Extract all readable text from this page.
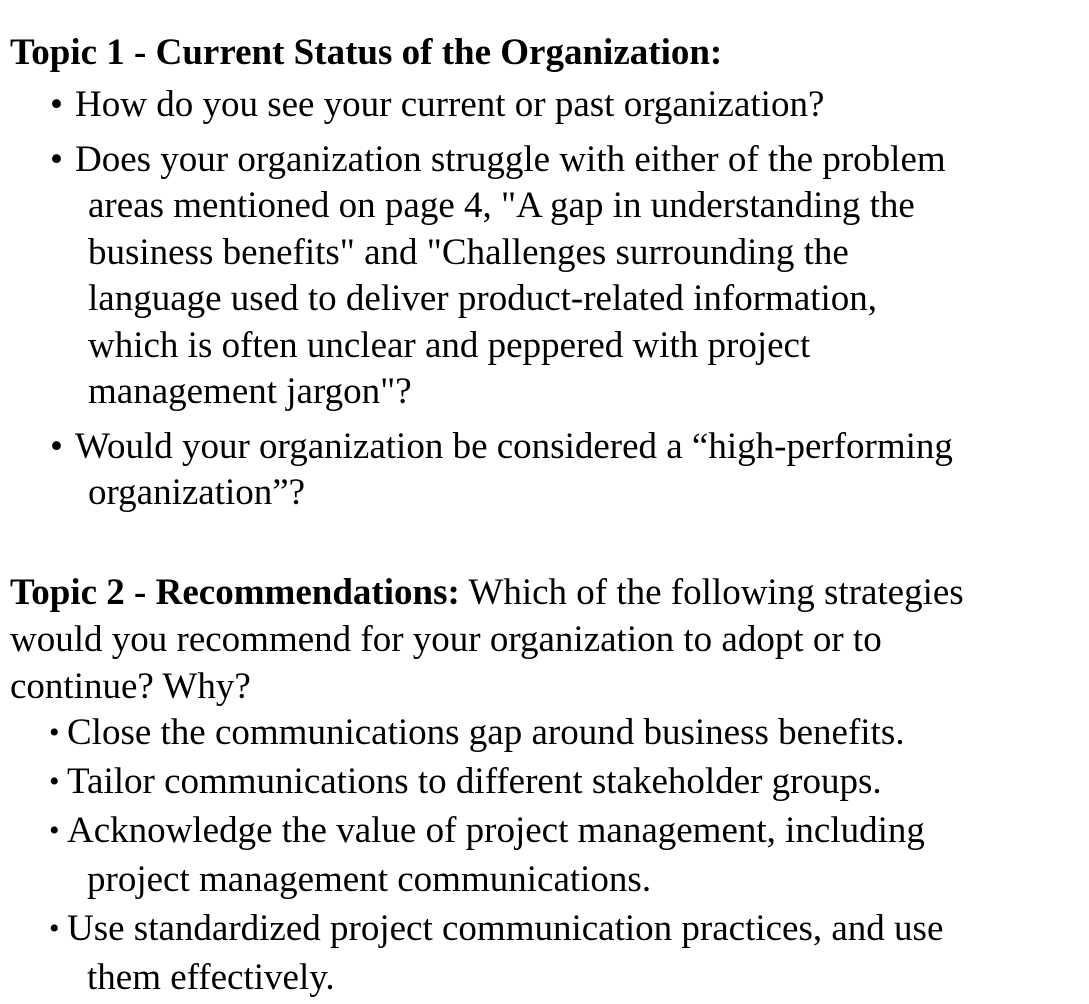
Topic 1 - Current Status of the Organization:
• How do you see your current or past organization?
• Does your organization struggle with either of the problem
areas mentioned on page 4, "A gap in understanding the
business benefits" and "Challenges surrounding the
language used to deliver product-related information,
which is often unclear and peppered with project
management jargon"?
• Would your organization be considered a “high-performing
organization”?
Topic 2 - Recommendations: Which of the following strategies
would you recommend for your organization to adopt or to
continue? Why?
• Close the communications gap around business benefits.
• Tailor communications to different stakeholder groups.
• Acknowledge the value of project management, including
project management communications.
• Use standardized project communication practices, and use
them effectively.
